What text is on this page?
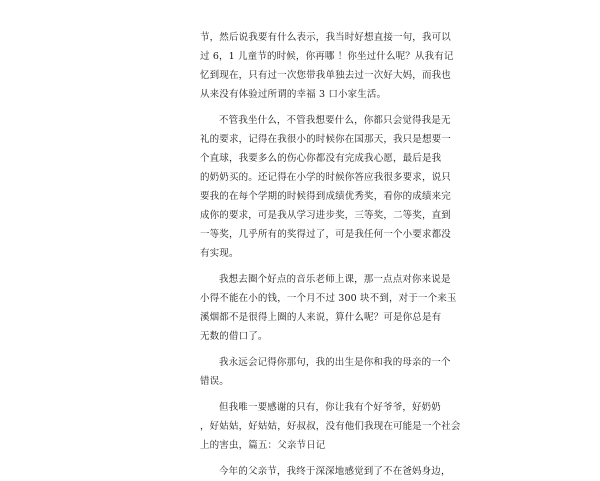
节，然后说我要有什么表示，我当时好想直接一句，我可以
过 6，1 儿童节的时候，你再哪 ！你坐过什么呢？从我有记
忆到现在，只有过一次您带我单独去过一次好大妈，而我也
从来没有体验过所谓的幸福 3 口小家生活。
不管我坐什么，不管我想要什么，你都只会觉得我是无
礼的要求，记得在我很小的时候你在国那天，我只是想要一
个直球，我要多么的伤心你都没有完成我心愿，最后是我
的奶奶买的。还记得在小学的时候你答应我很多要求，说只
要我的在每个学期的时候得到成绩优秀奖，看你的成绩来完
成你的要求，可是我从学习进步奖，三等奖，二等奖，直到
一等奖，几乎所有的奖得过了，可是我任何一个小要求都没
有实现。
我想去圈个好点的音乐老师上课，那一点点对你来说是
小得不能在小的钱，一个月不过 300 块不到，对于一个来玉
溪烟都不是很得上圈的人来说，算什么呢？可是你总是有
无数的借口了。
我永远会记得你那句，我的出生是你和我的母亲的一个
错误。
但我唯一要感谢的只有，你让我有个好爷爷，好奶奶
，好姑姑，好姑姑，好叔叔，没有他们我现在可能是一个社会
上的害虫，篇五：父亲节日记
今年的父亲节，我终于深深地感觉到了不在爸妈身边，
